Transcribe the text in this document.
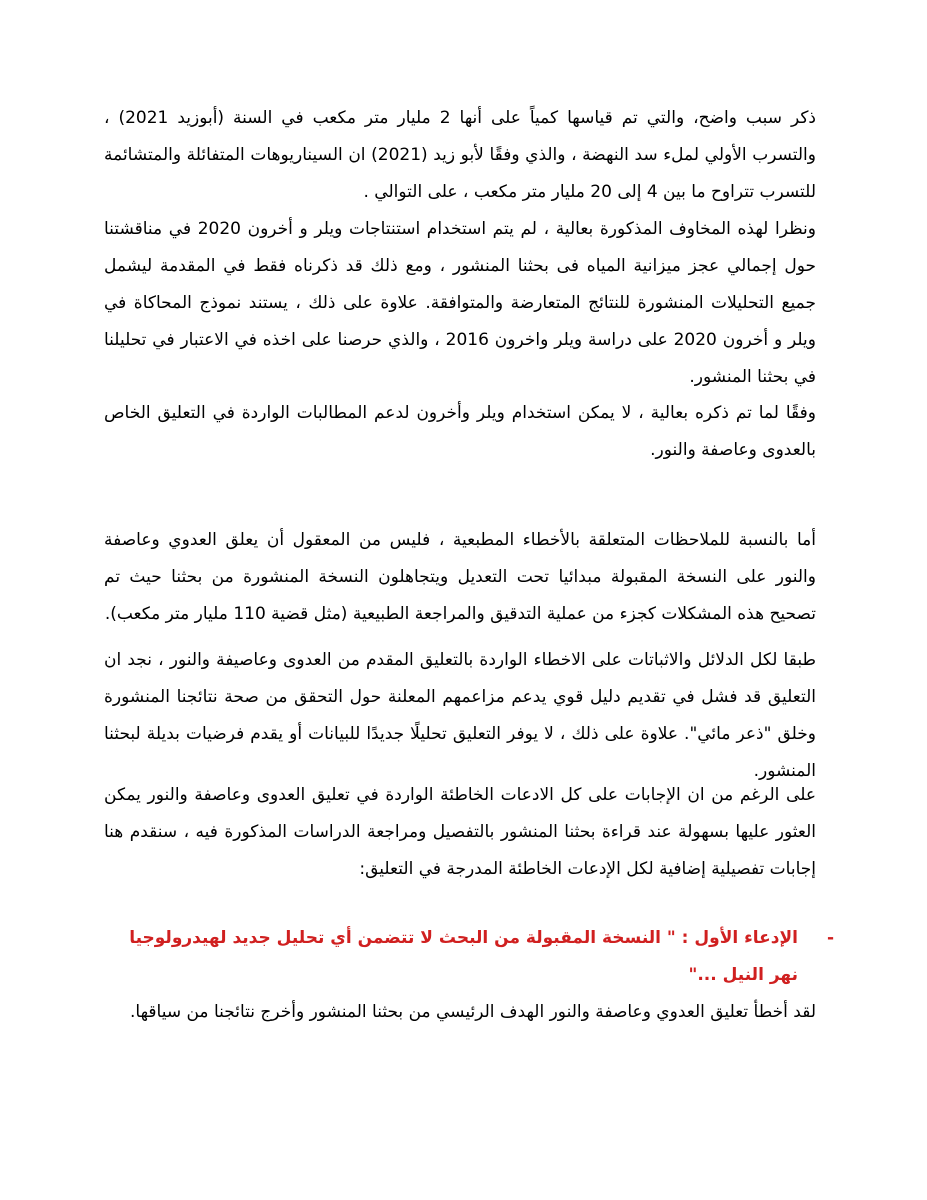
ذكر سبب واضح، والتي تم قياسها كمياً على أنها 2 مليار متر مكعب في السنة (أبوزيد 2021) ، والتسرب الأولي لملء سد النهضة ، والذي وفقًا لأبو زيد (2021) ان السيناريوهات المتفائلة والمتشائمة للتسرب تتراوح ما بين 4 إلى 20 مليار متر مكعب ، على التوالي .

ونظرا لهذه المخاوف المذكورة بعالية ، لم يتم استخدام استنتاجات ويلر و أخرون 2020 في مناقشتنا حول إجمالي عجز ميزانية المياه فى بحثنا المنشور ، ومع ذلك قد ذكرناه فقط في المقدمة ليشمل جميع التحليلات المنشورة للنتائج المتعارضة والمتوافقة. علاوة على ذلك ، يستند نموذج المحاكاة في ويلر و أخرون 2020 على دراسة ويلر واخرون 2016 ، والذي حرصنا على اخذه في الاعتبار في تحليلنا في بحثنا المنشور.

وفقًا لما تم ذكره بعالية ، لا يمكن استخدام ويلر وأخرون لدعم المطالبات الواردة في التعليق الخاص بالعدوى وعاصفة والنور.

أما بالنسبة للملاحظات المتعلقة بالأخطاء المطبعية ، فليس من المعقول أن يعلق العدوي وعاصفة والنور على النسخة المقبولة مبدائيا تحت التعديل ويتجاهلون النسخة المنشورة من بحثنا حيث تم تصحيح هذه المشكلات كجزء من عملية التدقيق والمراجعة الطبيعية (مثل قضية 110 مليار متر مكعب).

طبقا لكل الدلائل والاثباتات على الاخطاء الواردة بالتعليق المقدم من العدوى وعاصيفة والنور ، نجد ان التعليق قد فشل في تقديم دليل قوي يدعم مزاعمهم المعلنة حول التحقق من صحة نتائجنا المنشورة وخلق "ذعر مائي". علاوة على ذلك ، لا يوفر التعليق تحليلًا جديدًا للبيانات أو يقدم فرضيات بديلة لبحثنا المنشور.

على الرغم من ان الإجابات على كل الادعات الخاطئة الواردة في تعليق العدوى وعاصفة والنور يمكن العثور عليها بسهولة عند قراءة بحثنا المنشور بالتفصيل ومراجعة الدراسات المذكورة فيه ، سنقدم هنا إجابات تفصيلية إضافية لكل الإدعات الخاطئة المدرجة في التعليق:

-

الإدعاء الأول : " النسخة المقبولة من البحث لا تتضمن أي تحليل جديد لهيدرولوجيا نهر النيل ..."

لقد أخطأ تعليق العدوي وعاصفة والنور الهدف الرئيسي من بحثنا المنشور وأخرج نتائجنا من سياقها.
